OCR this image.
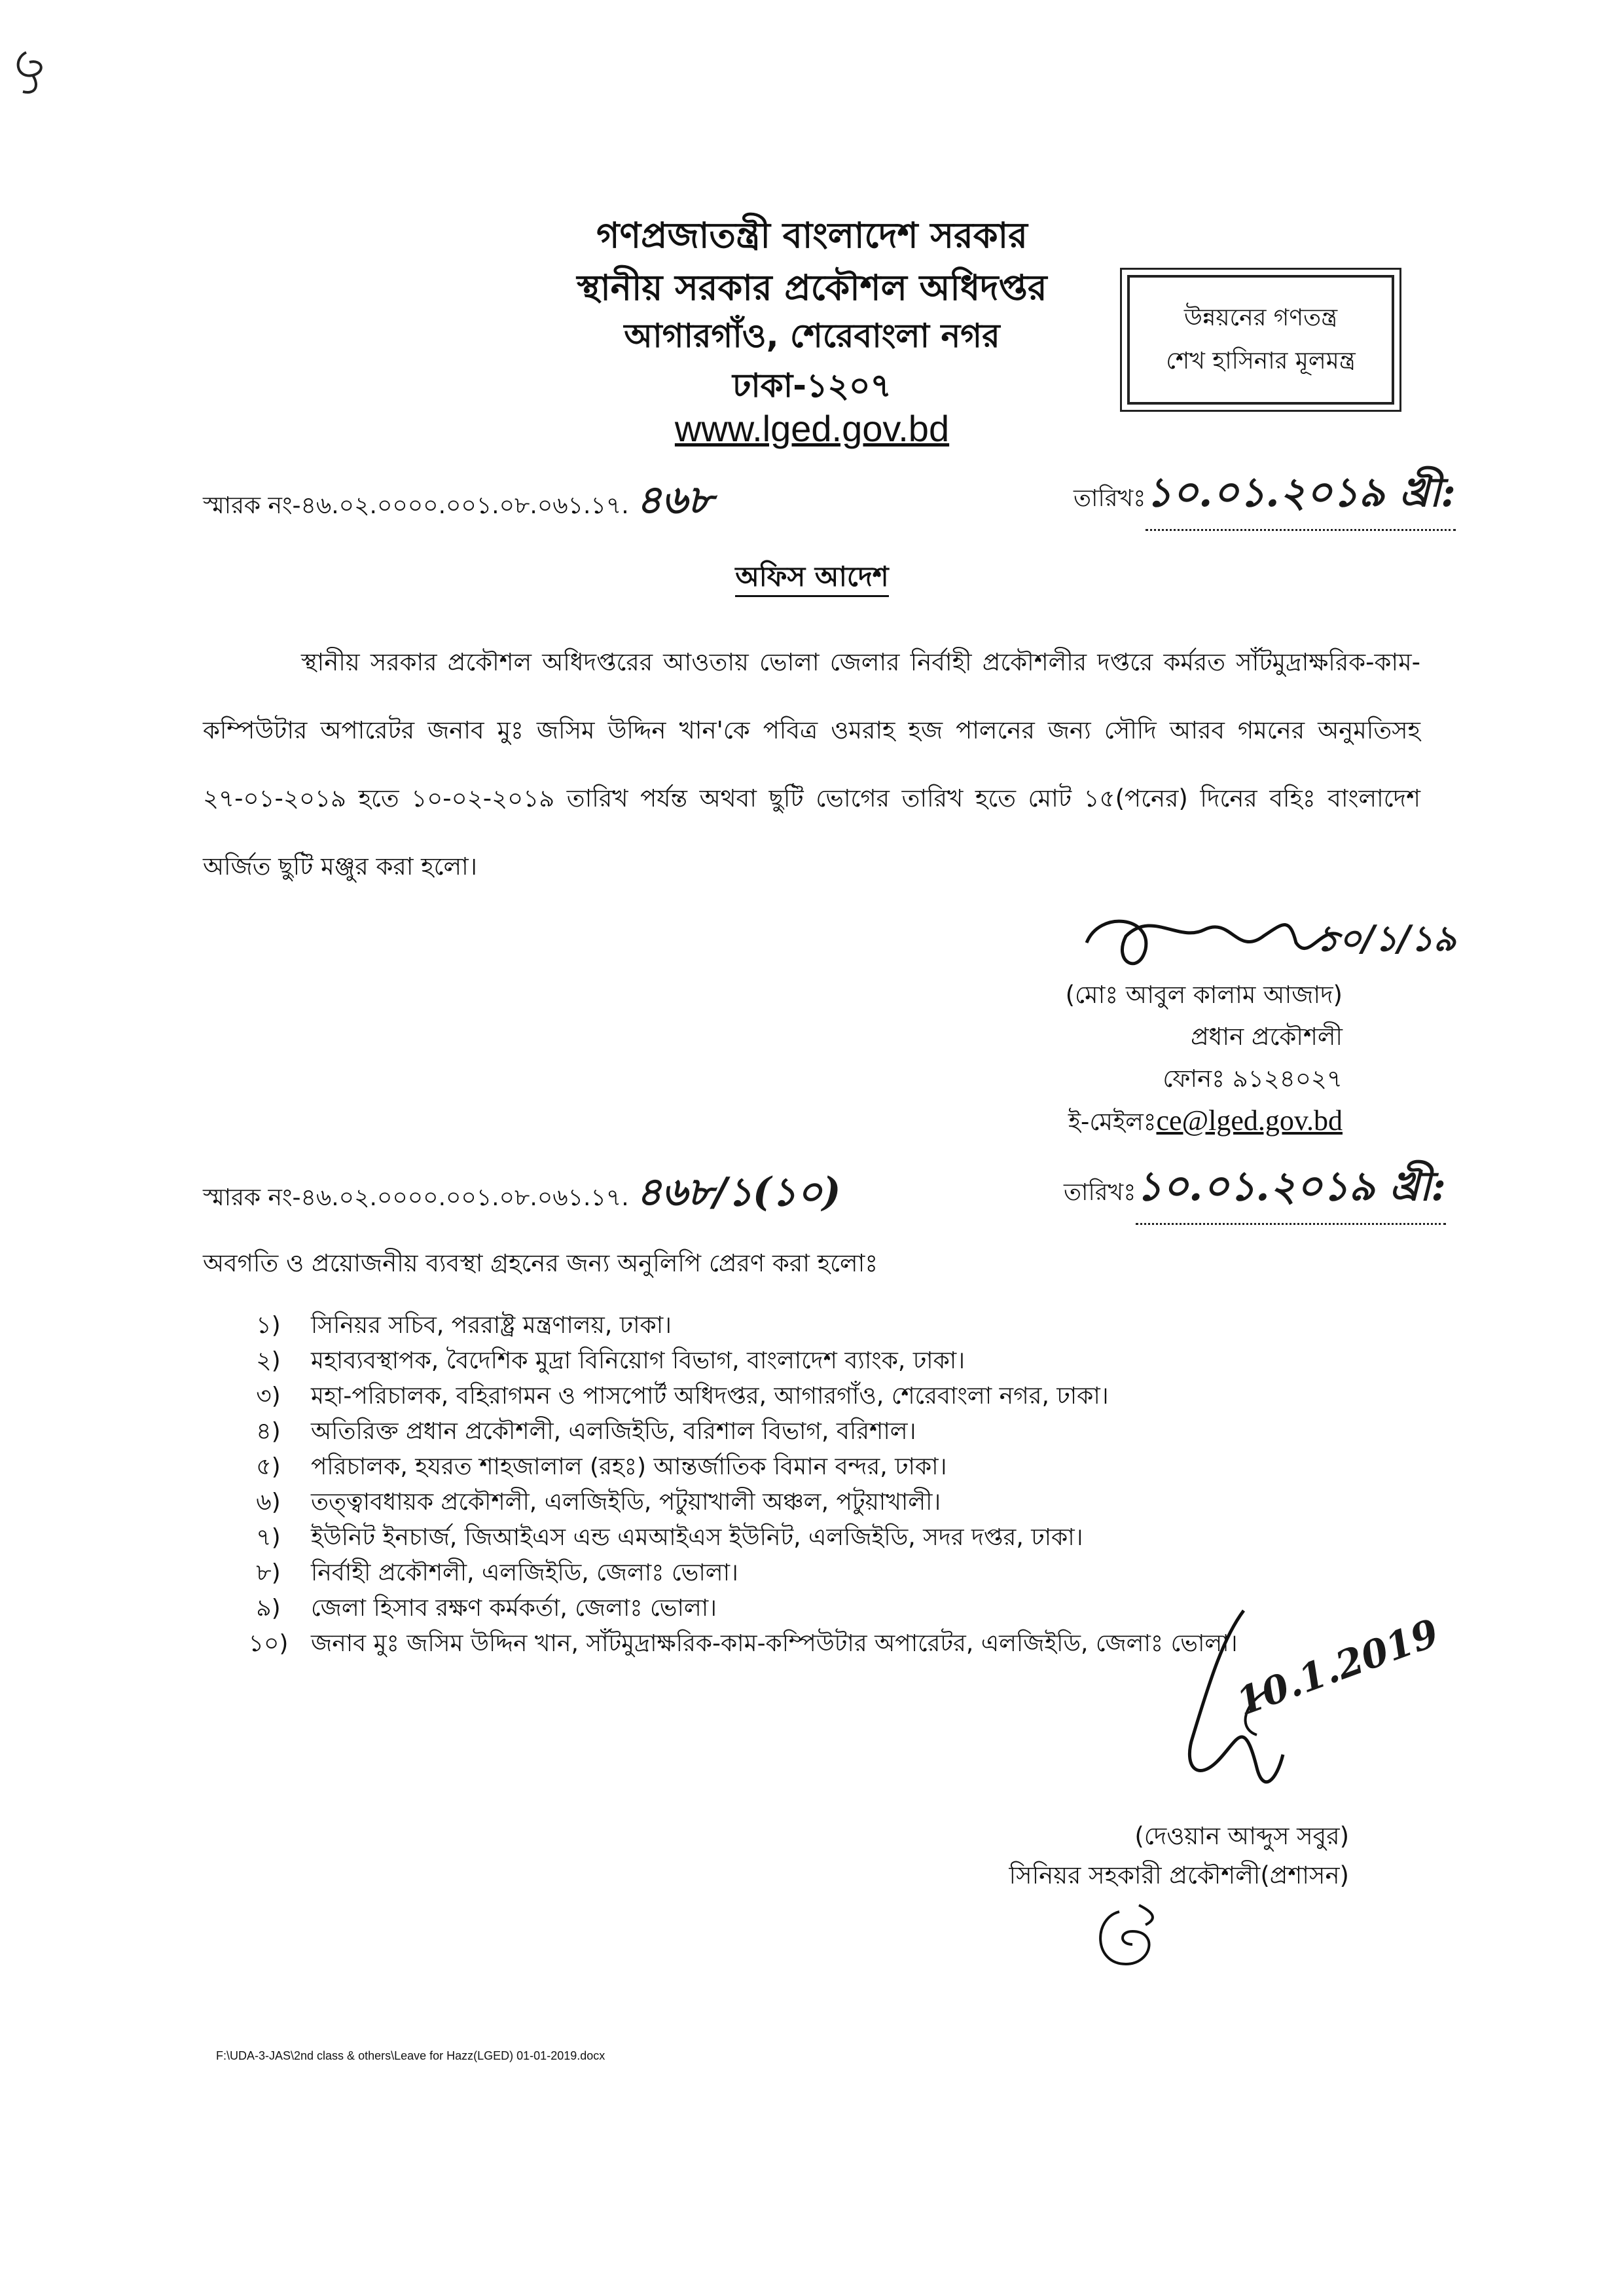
গণপ্রজাতন্ত্রী বাংলাদেশ সরকার
স্থানীয় সরকার প্রকৌশল অধিদপ্তর
আগারগাঁও, শেরেবাংলা নগর
ঢাকা-১২০৭
www.lged.gov.bd
উন্নয়নের গণতন্ত্র
শেখ হাসিনার মূলমন্ত্র
স্মারক নং-৪৬.০২.০০০০.০০১.০৮.০৬১.১৭. ৪৬৮	তারিখঃ১০.০১.২০১৯ খ্রী:
অফিস আদেশ
স্থানীয় সরকার প্রকৌশল অধিদপ্তরের আওতায় ভোলা জেলার নির্বাহী প্রকৌশলীর দপ্তরে কর্মরত সাঁটমুদ্রাক্ষরিক-কাম-কম্পিউটার অপারেটর জনাব মুঃ জসিম উদ্দিন খান'কে পবিত্র ওমরাহ হজ পালনের জন্য সৌদি আরব গমনের অনুমতিসহ ২৭-০১-২০১৯ হতে ১০-০২-২০১৯ তারিখ পর্যন্ত অথবা ছুটি ভোগের তারিখ হতে মোট ১৫(পনের) দিনের বহিঃ বাংলাদেশ অর্জিত ছুটি মঞ্জুর করা হলো।
১০/১/১৯
(মোঃ আবুল কালাম আজাদ)
প্রধান প্রকৌশলী
ফোনঃ ৯১২৪০২৭
ই-মেইলঃce@lged.gov.bd
স্মারক নং-৪৬.০২.০০০০.০০১.০৮.০৬১.১৭. ৪৬৮/১(১০)	তারিখঃ১০.০১.২০১৯ খ্রী:
অবগতি ও প্রয়োজনীয় ব্যবস্থা গ্রহনের জন্য অনুলিপি প্রেরণ করা হলোঃ
১)	সিনিয়র সচিব, পররাষ্ট্র মন্ত্রণালয়, ঢাকা।
২)	মহাব্যবস্থাপক, বৈদেশিক মুদ্রা বিনিয়োগ বিভাগ, বাংলাদেশ ব্যাংক, ঢাকা।
৩)	মহা-পরিচালক, বহিরাগমন ও পাসপোর্ট অধিদপ্তর, আগারগাঁও, শেরেবাংলা নগর, ঢাকা।
৪)	অতিরিক্ত প্রধান প্রকৌশলী, এলজিইডি, বরিশাল বিভাগ, বরিশাল।
৫)	পরিচালক, হযরত শাহজালাল (রহঃ) আন্তর্জাতিক বিমান বন্দর, ঢাকা।
৬)	তত্ত্বাবধায়ক প্রকৌশলী, এলজিইডি, পটুয়াখালী অঞ্চল, পটুয়াখালী।
৭)	ইউনিট ইনচার্জ, জিআইএস এন্ড এমআইএস ইউনিট, এলজিইডি, সদর দপ্তর, ঢাকা।
৮)	নির্বাহী প্রকৌশলী, এলজিইডি, জেলাঃ ভোলা।
৯)	জেলা হিসাব রক্ষণ কর্মকর্তা, জেলাঃ ভোলা।
১০) জনাব মুঃ জসিম উদ্দিন খান, সাঁটমুদ্রাক্ষরিক-কাম-কম্পিউটার অপারেটর, এলজিইডি, জেলাঃ ভোলা।
10.1.2019
(দেওয়ান আব্দুস সবুর)
সিনিয়র সহকারী প্রকৌশলী(প্রশাসন)
F:\UDA-3-JAS\2nd class & others\Leave for Hazz(LGED) 01-01-2019.docx
